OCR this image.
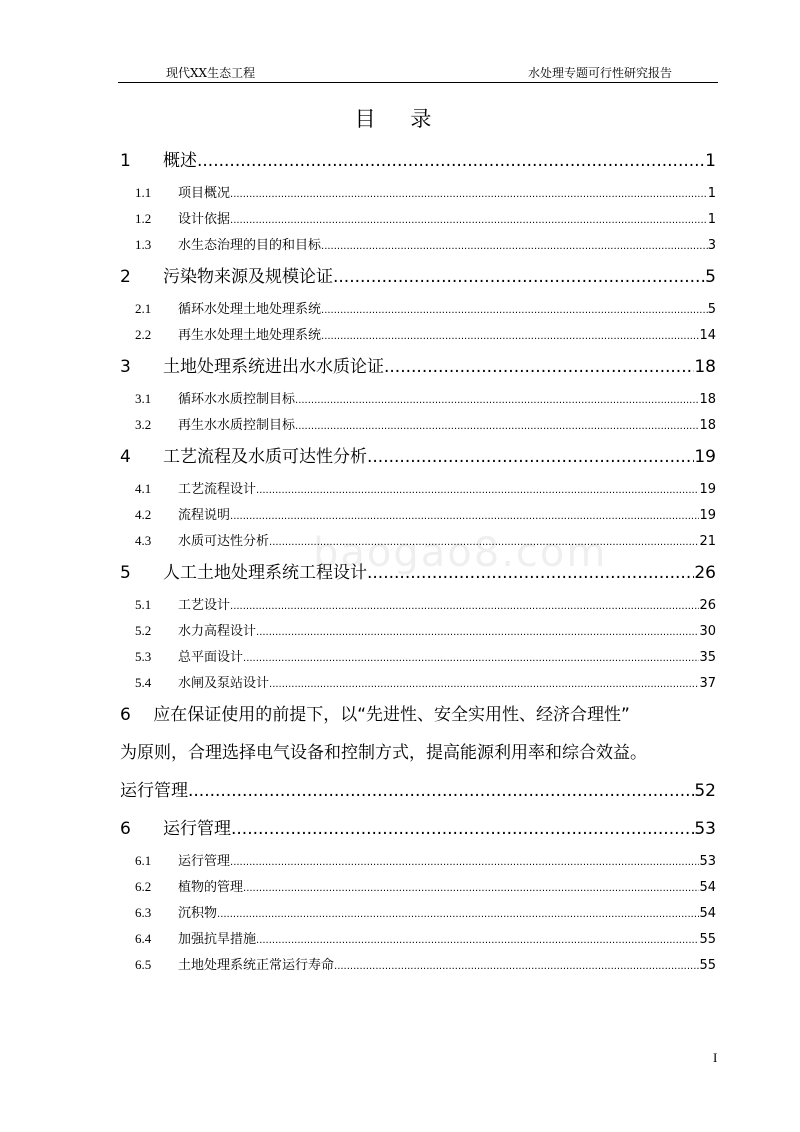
现代XX生态工程	水处理专题可行性研究报告
目 录
baogao8.com
1	概述 .....	1
1.1	项目概况 .....	1
1.2	设计依据 .....	1
1.3	水生态治理的目的和目标 .....	3
2	污染物来源及规模论证 .....	5
2.1	循环水处理土地处理系统 .....	5
2.2	再生水处理土地处理系统 .....	14
3	土地处理系统进出水水质论证 .....	18
3.1	循环水水质控制目标 .....	18
3.2	再生水水质控制目标 .....	18
4	工艺流程及水质可达性分析 .....	19
4.1	工艺流程设计 .....	19
4.2	流程说明 .....	19
4.3	水质可达性分析 .....	21
5	人工土地处理系统工程设计 .....	26
5.1	工艺设计 .....	26
5.2	水力高程设计 .....	30
5.3	总平面设计 .....	35
5.4	水闸及泵站设计 .....	37
6　 应在保证使用的前提下，以“先进性、安全实用性、经济合理性”
为原则，合理选择电气设备和控制方式，提高能源利用率和综合效益。
运行管理 .....	52
6	运行管理 .....	53
6.1	运行管理 .....	53
6.2	植物的管理 .....	54
6.3	沉积物 .....	54
6.4	加强抗旱措施 .....	55
6.5	土地处理系统正常运行寿命 .....	55
I
